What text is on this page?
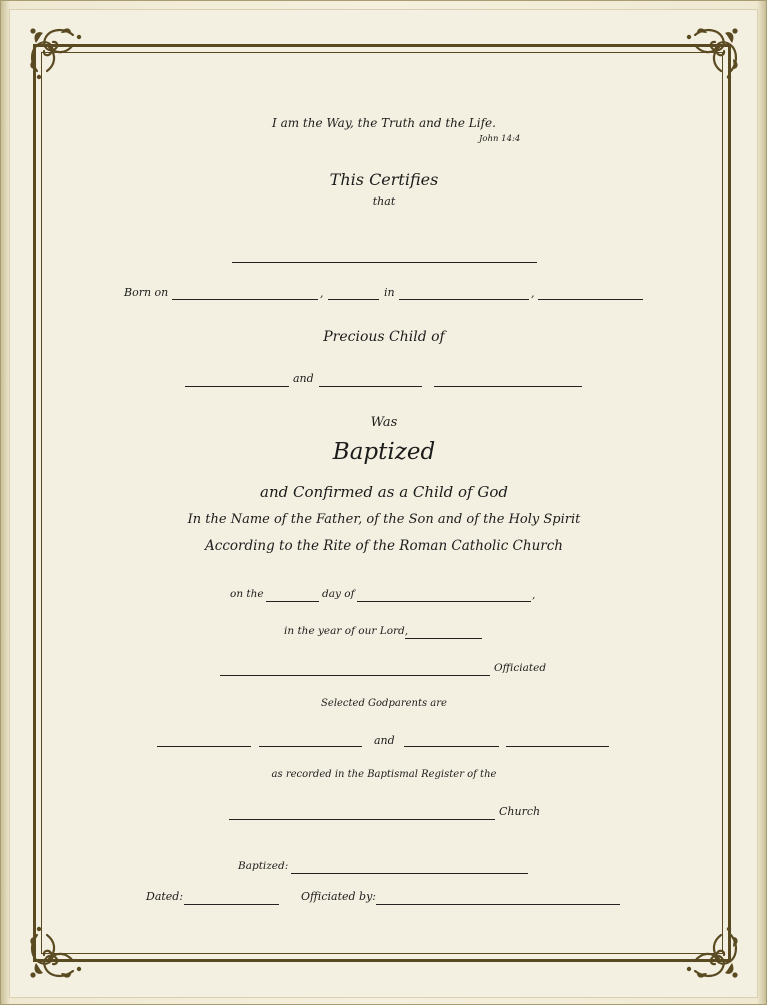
I am the Way, the Truth and the Life.
John 14:4
This Certifies
that
Born on	,	in	,
Precious Child of
and
Was
Baptized
and Confirmed as a Child of God
In the Name of the Father, of the Son and of the Holy Spirit
According to the Rite of the Roman Catholic Church
on the	day of	,
in the year of our Lord,
Officiated
Selected Godparents are
and
as recorded in the Baptismal Register of the
Church
Baptized:
Dated:	Officiated by:
